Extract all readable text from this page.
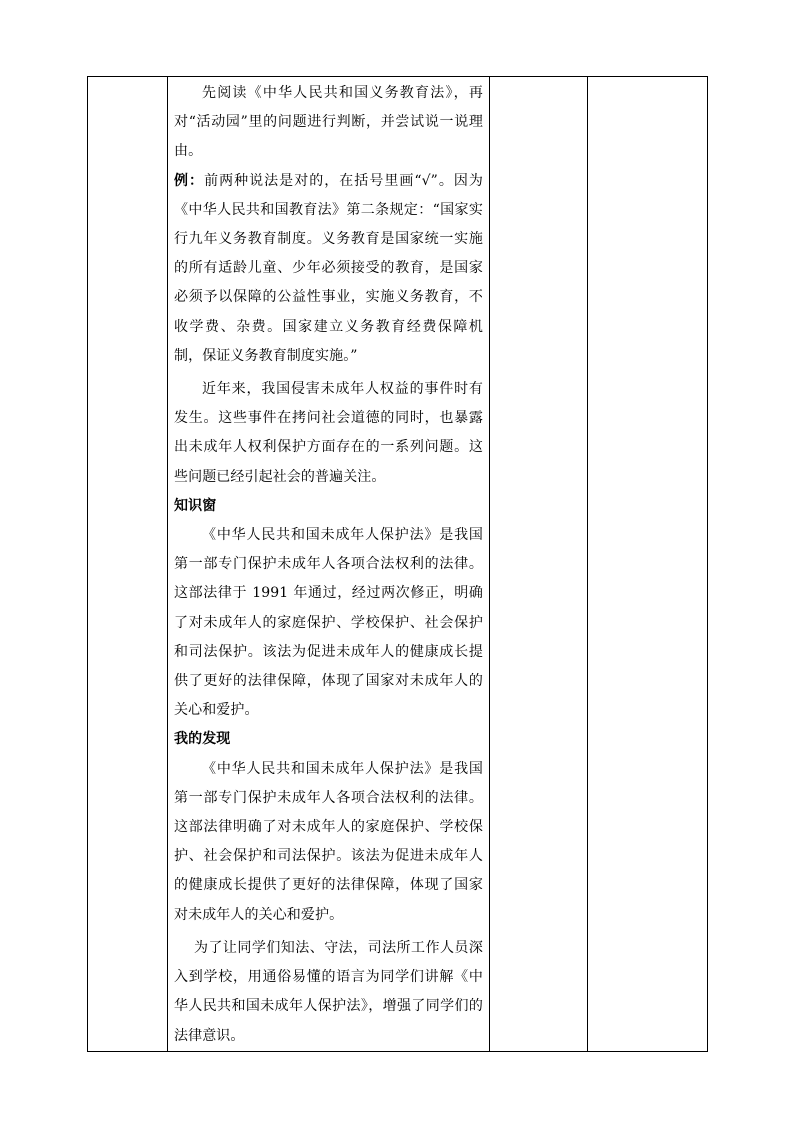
先阅读《中华人民共和国义务教育法》，再对“活动园”里的问题进行判断，并尝试说一说理由。

例：前两种说法是对的，在括号里画“√”。因为《中华人民共和国教育法》第二条规定：“国家实行九年义务教育制度。义务教育是国家统一实施的所有适龄儿童、少年必须接受的教育，是国家必须予以保障的公益性事业，实施义务教育，不收学费、杂费。国家建立义务教育经费保障机制，保证义务教育制度实施。”

近年来，我国侵害未成年人权益的事件时有发生。这些事件在拷问社会道德的同时，也暴露出未成年人权利保护方面存在的一系列问题。这些问题已经引起社会的普遍关注。

知识窗

《中华人民共和国未成年人保护法》是我国第一部专门保护未成年人各项合法权利的法律。这部法律于 1991 年通过，经过两次修正，明确了对未成年人的家庭保护、学校保护、社会保护和司法保护。该法为促进未成年人的健康成长提供了更好的法律保障，体现了国家对未成年人的关心和爱护。

我的发现

《中华人民共和国未成年人保护法》是我国第一部专门保护未成年人各项合法权利的法律。这部法律明确了对未成年人的家庭保护、学校保护、社会保护和司法保护。该法为促进未成年人的健康成长提供了更好的法律保障，体现了国家对未成年人的关心和爱护。

为了让同学们知法、守法，司法所工作人员深入到学校，用通俗易懂的语言为同学们讲解《中华人民共和国未成年人保护法》，增强了同学们的法律意识。
